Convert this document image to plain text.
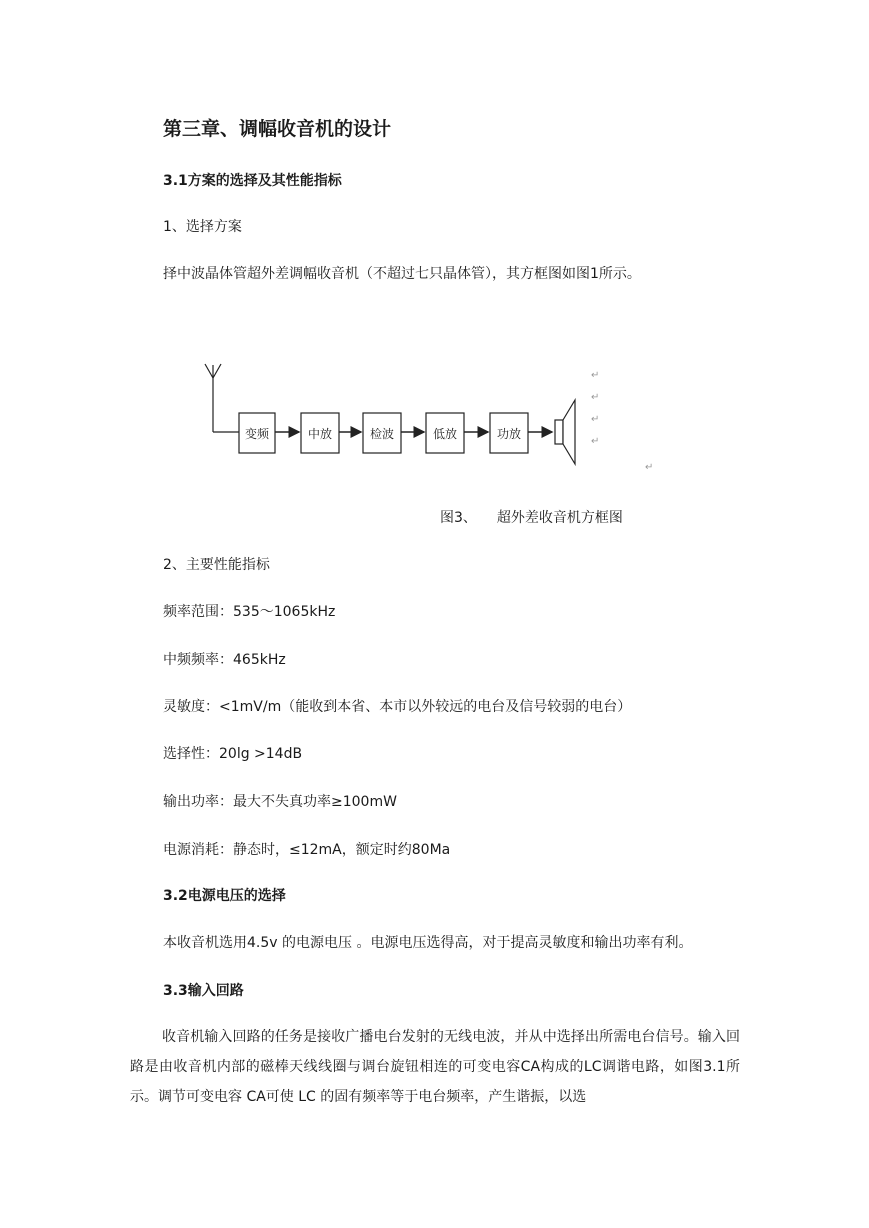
第三章、调幅收音机的设计
3.1方案的选择及其性能指标
1、选择方案
择中波晶体管超外差调幅收音机（不超过七只晶体管），其方框图如图1所示。
变频	中放	检波	低放	功放
↵
↵
↵
↵
↵
图3、 超外差收音机方框图
2、主要性能指标
频率范围：535～1065kHz
中频频率：465kHz
灵敏度：<1mV/m（能收到本省、本市以外较远的电台及信号较弱的电台）
选择性：20lg >14dB
输出功率：最大不失真功率≥100mW
电源消耗：静态时，≤12mA，额定时约80Ma
3.2电源电压的选择
本收音机选用4.5v 的电源电压 。电源电压选得高，对于提高灵敏度和输出功率有利。
3.3输入回路
收音机输入回路的任务是接收广播电台发射的无线电波，并从中选择出所需电台信号。输入回路是由收音机内部的磁棒天线线圈与调台旋钮相连的可变电容CA构成的LC调谐电路，如图3.1所示。调节可变电容 CA可使 LC 的固有频率等于电台频率，产生谐振，以选
